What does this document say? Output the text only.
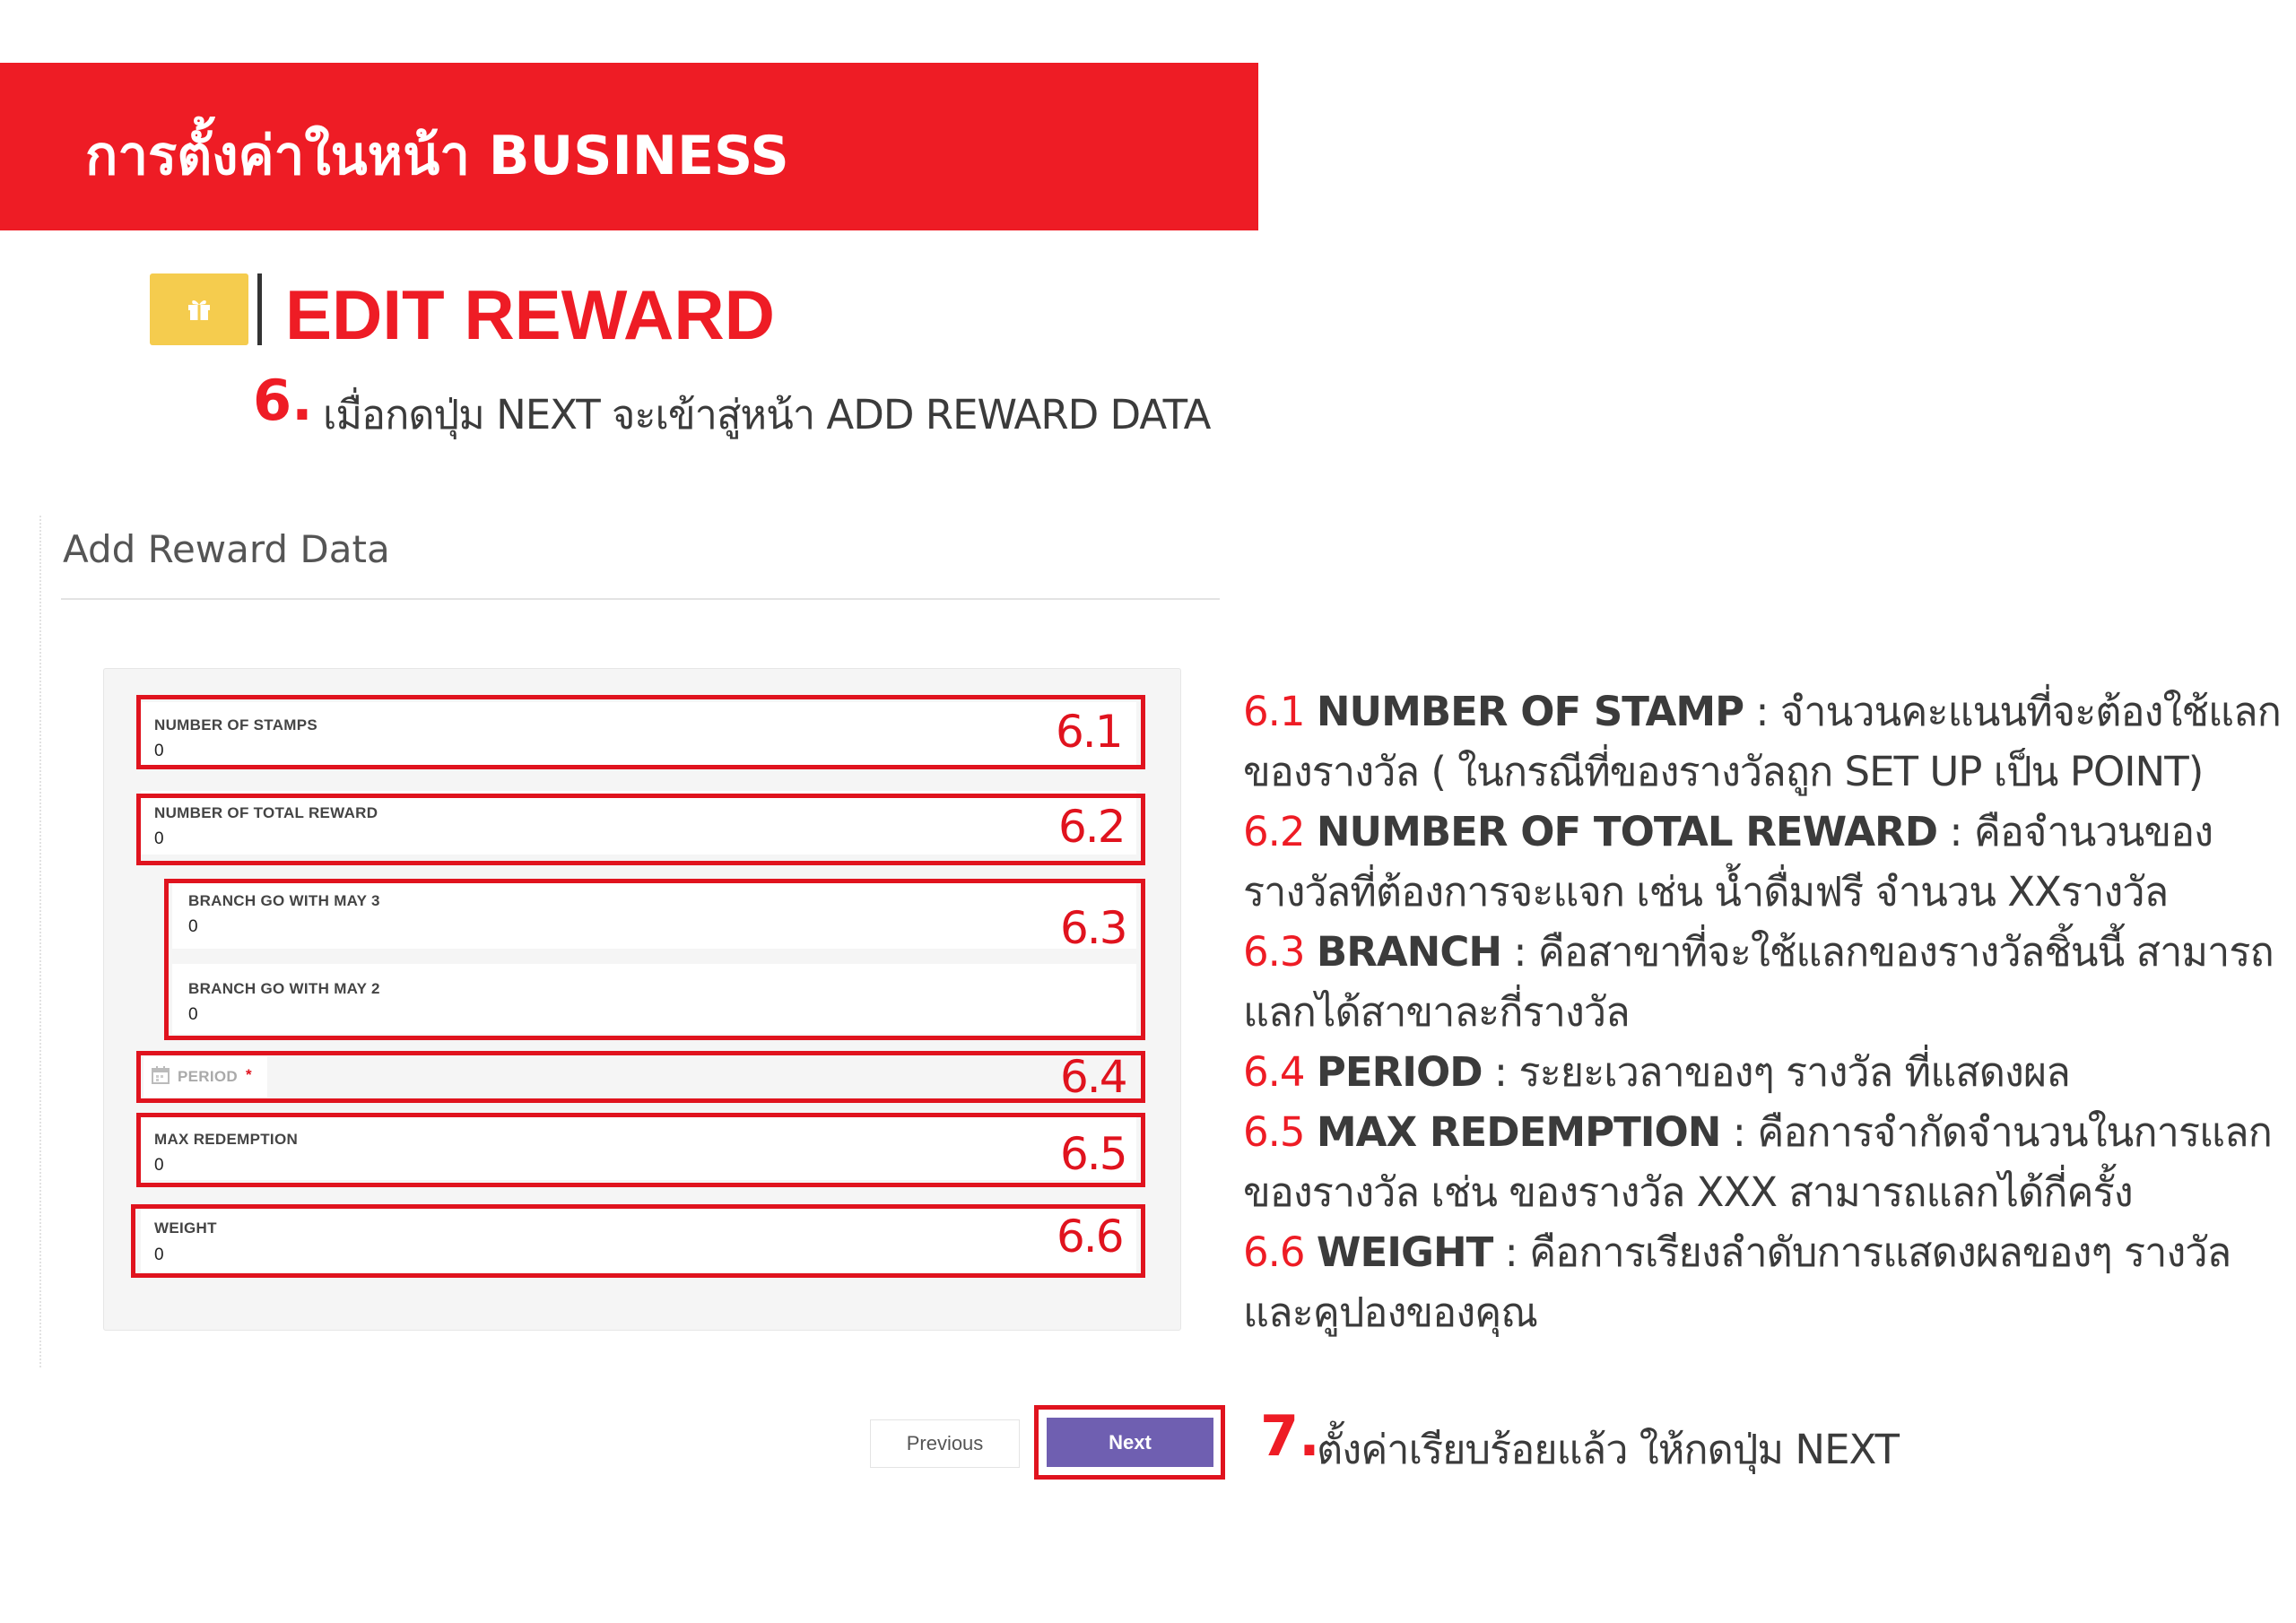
การตั้งค่าในหน้า BUSINESS
EDIT REWARD
6. เมื่อกดปุ่ม NEXT จะเข้าสู่หน้า ADD REWARD DATA
Add Reward Data
NUMBER OF STAMPS
0	6.1
NUMBER OF TOTAL REWARD
0	6.2
BRANCH GO WITH MAY 3
0
BRANCH GO WITH MAY 2
0
6.3
PERIOD *	6.4
MAX REDEMPTION
0	6.5
WEIGHT
0	6.6
6.1 NUMBER OF STAMP : จำนวนคะแนนที่จะต้องใช้แลกของรางวัล ( ในกรณีที่ของรางวัลถูก SET UP เป็น POINT)
6.2 NUMBER OF TOTAL REWARD : คือจำนวนของรางวัลที่ต้องการจะแจก เช่น น้ำดื่มฟรี จำนวน XXรางวัล
6.3 BRANCH : คือสาขาที่จะใช้แลกของรางวัลชิ้นนี้ สามารถแลกได้สาขาละกี่รางวัล
6.4 PERIOD : ระยะเวลาของๆ รางวัล ที่แสดงผล
6.5 MAX REDEMPTION : คือการจำกัดจำนวนในการแลกของรางวัล เช่น ของรางวัล XXX สามารถแลกได้กี่ครั้ง
6.6 WEIGHT : คือการเรียงลำดับการแสดงผลของๆ รางวัลและคูปองของคุณ
Previous	Next	7.
ตั้งค่าเรียบร้อยแล้ว ให้กดปุ่ม NEXT
